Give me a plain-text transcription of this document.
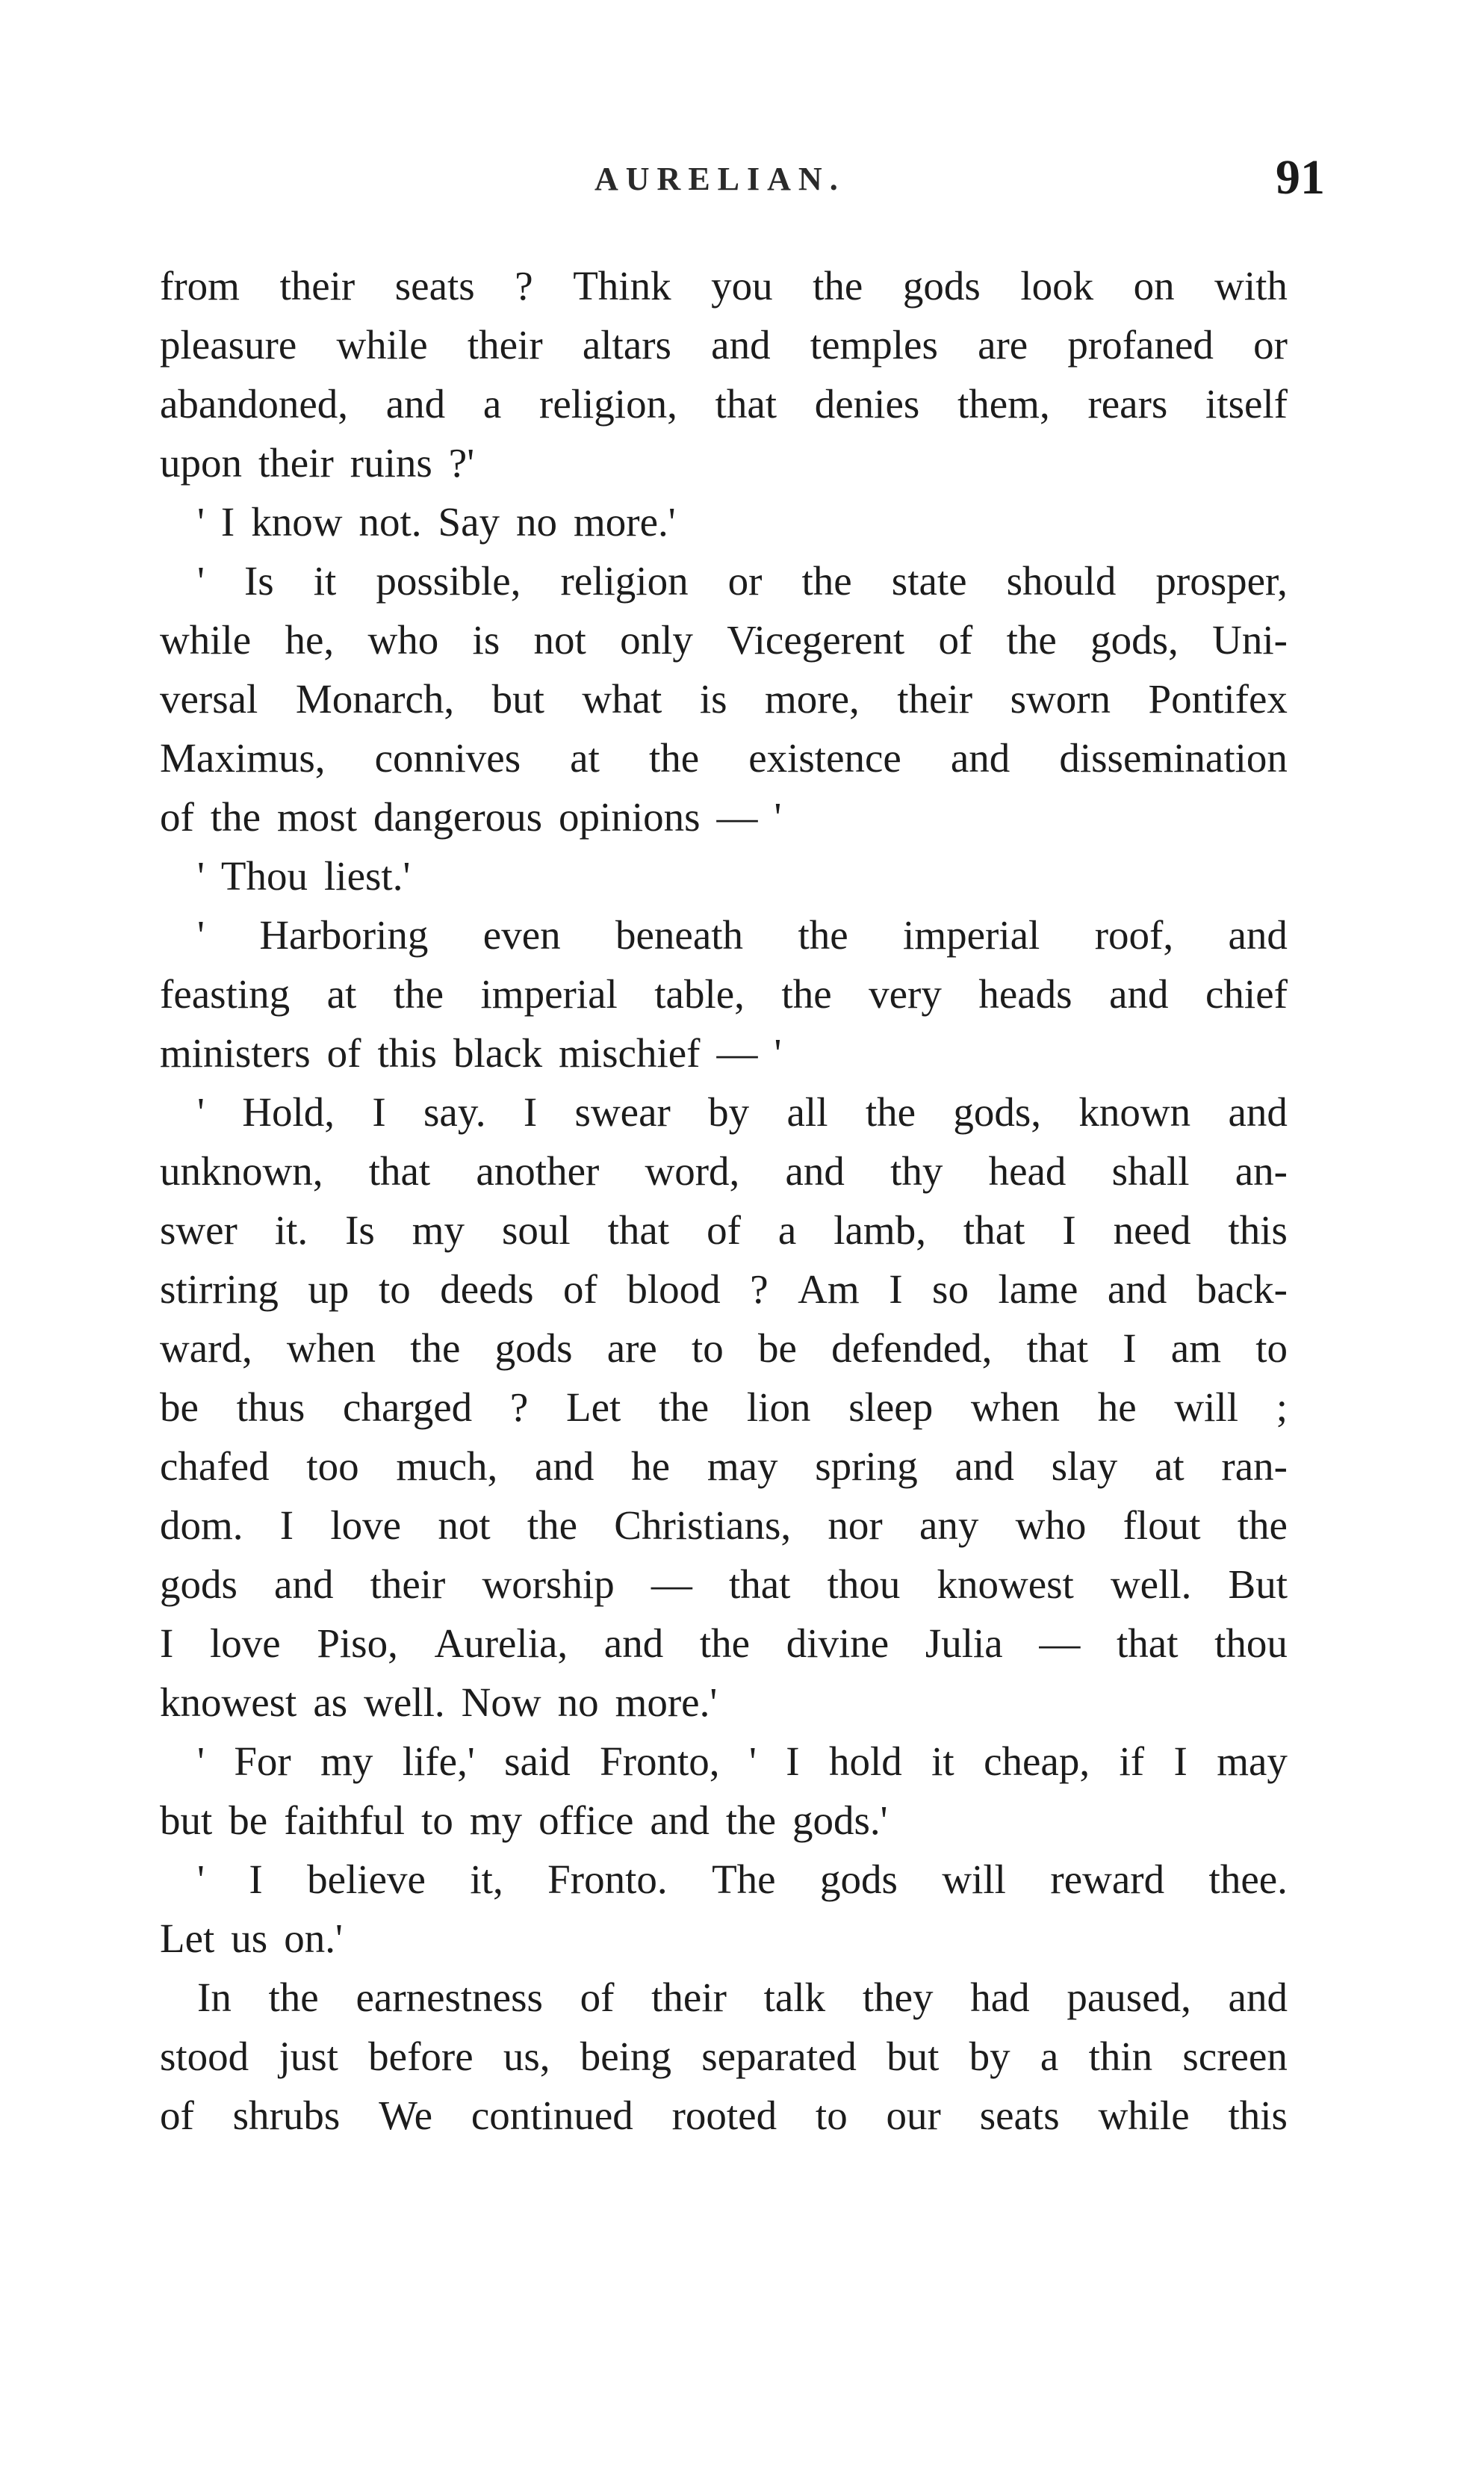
AURELIAN.	91
from their seats ? Think you the gods look on with
pleasure while their altars and temples are profaned or
abandoned, and a religion, that denies them, rears itself
upon their ruins ?'
' I know not. Say no more.'
' Is it possible, religion or the state should prosper,
while he, who is not only Vicegerent of the gods, Uni-
versal Monarch, but what is more, their sworn Pontifex
Maximus, connives at the existence and dissemination
of the most dangerous opinions — '
' Thou liest.'
' Harboring even beneath the imperial roof, and
feasting at the imperial table, the very heads and chief
ministers of this black mischief — '
' Hold, I say. I swear by all the gods, known and
unknown, that another word, and thy head shall an-
swer it. Is my soul that of a lamb, that I need this
stirring up to deeds of blood ? Am I so lame and back-
ward, when the gods are to be defended, that I am to
be thus charged ? Let the lion sleep when he will ;
chafed too much, and he may spring and slay at ran-
dom. I love not the Christians, nor any who flout the
gods and their worship — that thou knowest well. But
I love Piso, Aurelia, and the divine Julia — that thou
knowest as well. Now no more.'
' For my life,' said Fronto, ' I hold it cheap, if I may
but be faithful to my office and the gods.'
' I believe it, Fronto. The gods will reward thee.
Let us on.'
In the earnestness of their talk they had paused, and
stood just before us, being separated but by a thin screen
of shrubs We continued rooted to our seats while this
